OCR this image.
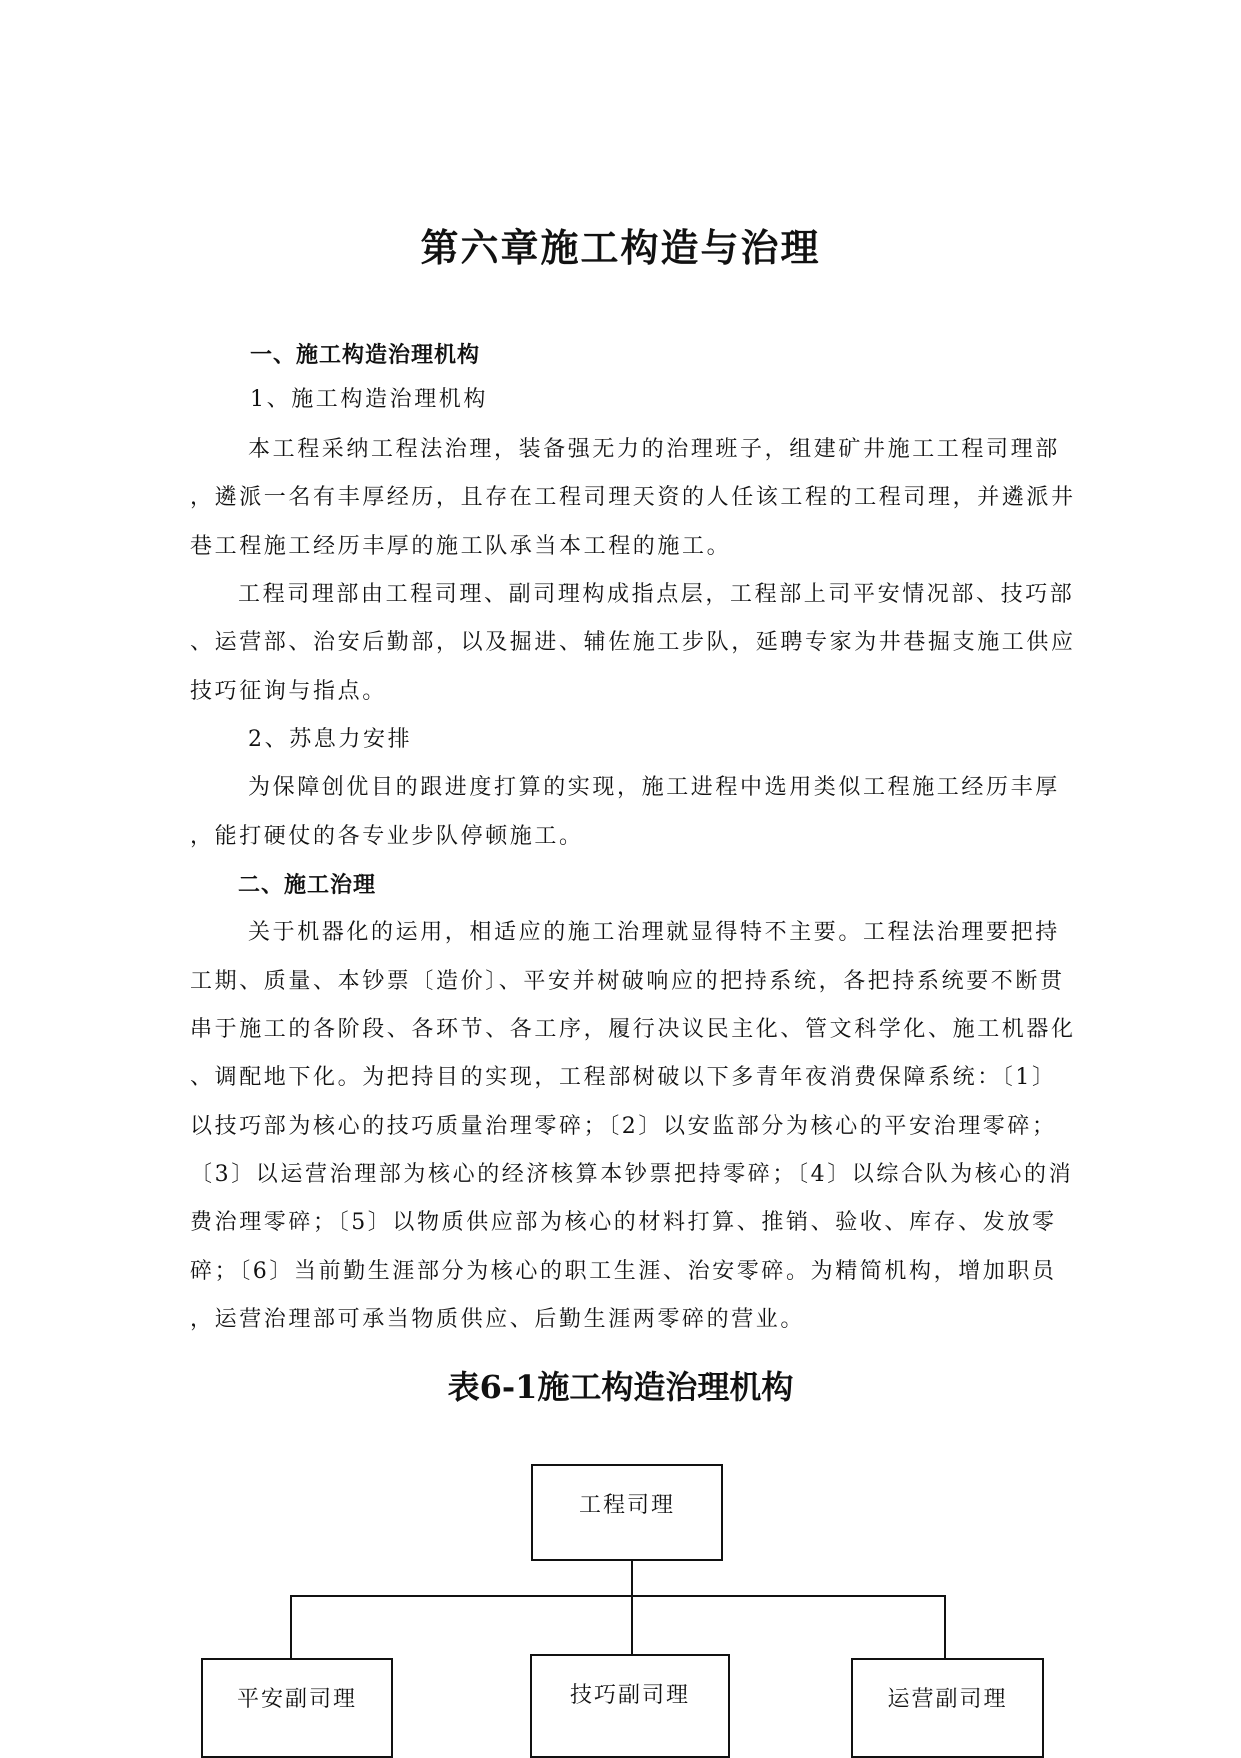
第六章施工构造与治理
一、施工构造治理机构
1、施工构造治理机构
本工程采纳工程法治理，装备强无力的治理班子，组建矿井施工工程司理部
，遴派一名有丰厚经历，且存在工程司理天资的人任该工程的工程司理，并遴派井
巷工程施工经历丰厚的施工队承当本工程的施工。
工程司理部由工程司理、副司理构成指点层，工程部上司平安情况部、技巧部
、运营部、治安后勤部，以及掘进、辅佐施工步队，延聘专家为井巷掘支施工供应
技巧征询与指点。
2、苏息力安排
为保障创优目的跟进度打算的实现，施工进程中选用类似工程施工经历丰厚
，能打硬仗的各专业步队停顿施工。
二、施工治理
关于机器化的运用，相适应的施工治理就显得特不主要。工程法治理要把持
工期、质量、本钞票〔造价〕、平安并树破响应的把持系统，各把持系统要不断贯
串于施工的各阶段、各环节、各工序，履行决议民主化、管文科学化、施工机器化
、调配地下化。为把持目的实现，工程部树破以下多青年夜消费保障系统：〔1〕
以技巧部为核心的技巧质量治理零碎；〔2〕以安监部分为核心的平安治理零碎；
〔3〕以运营治理部为核心的经济核算本钞票把持零碎；〔4〕以综合队为核心的消
费治理零碎；〔5〕以物质供应部为核心的材料打算、推销、验收、库存、发放零
碎；〔6〕当前勤生涯部分为核心的职工生涯、治安零碎。为精简机构，增加职员
，运营治理部可承当物质供应、后勤生涯两零碎的营业。
表6-1施工构造治理机构
工程司理
平安副司理	技巧副司理	运营副司理
